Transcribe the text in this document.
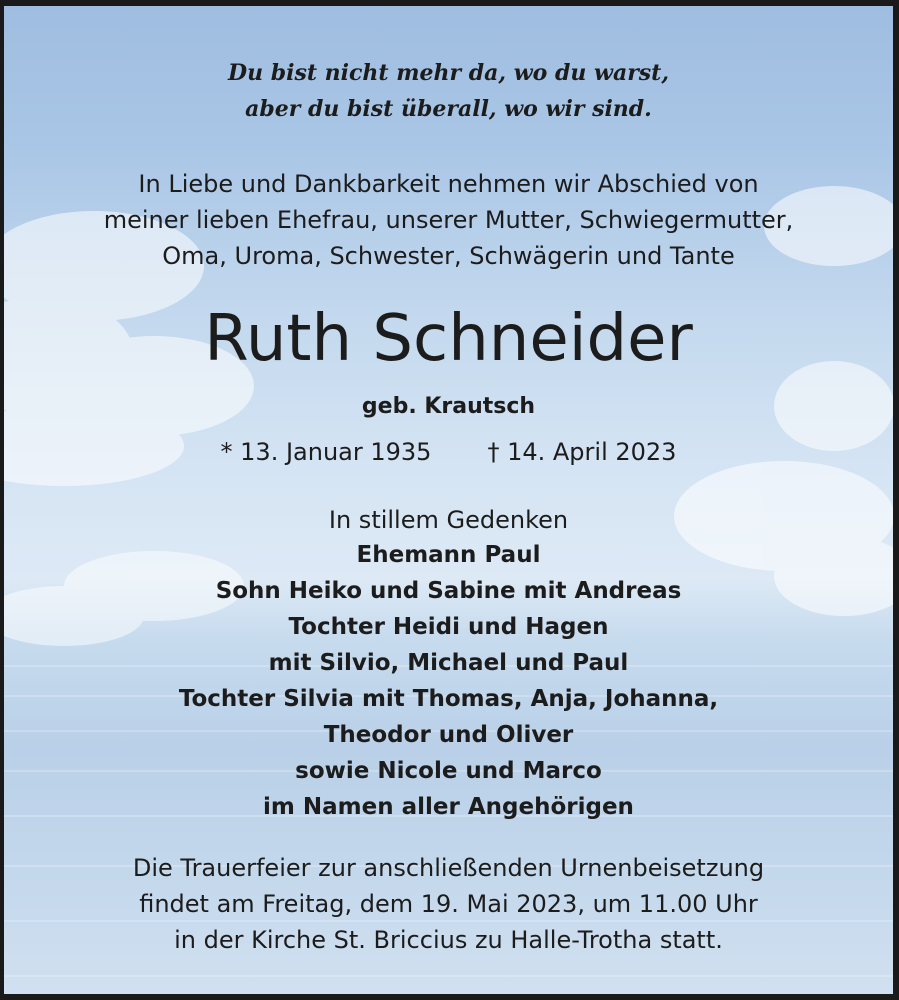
Du bist nicht mehr da, wo du warst,
aber du bist überall, wo wir sind.
In Liebe und Dankbarkeit nehmen wir Abschied von
meiner lieben Ehefrau, unserer Mutter, Schwiegermutter,
Oma, Uroma, Schwester, Schwägerin und Tante
Ruth Schneider
geb. Krautsch
* 13. Januar 1935 † 14. April 2023
In stillem Gedenken
Ehemann Paul
Sohn Heiko und Sabine mit Andreas
Tochter Heidi und Hagen
mit Silvio, Michael und Paul
Tochter Silvia mit Thomas, Anja, Johanna,
Theodor und Oliver
sowie Nicole und Marco
im Namen aller Angehörigen
Die Trauerfeier zur anschließenden Urnenbeisetzung
findet am Freitag, dem 19. Mai 2023, um 11.00 Uhr
in der Kirche St. Briccius zu Halle-Trotha statt.
